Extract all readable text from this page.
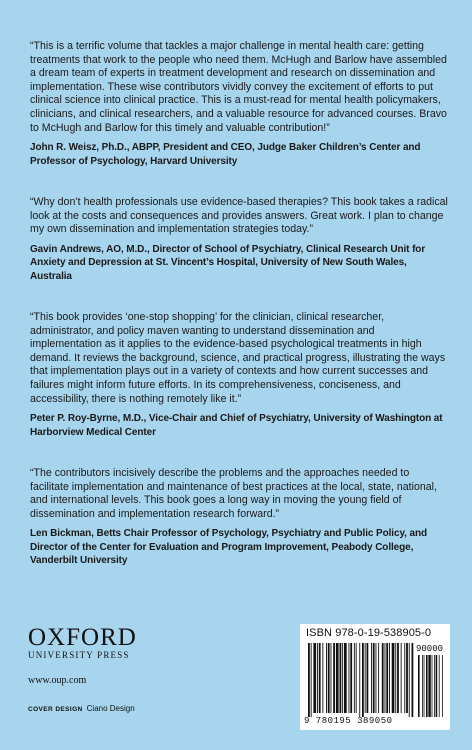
“This is a terrific volume that tackles a major challenge in mental health care: getting treatments that work to the people who need them. McHugh and Barlow have assembled a dream team of experts in treatment development and research on dissemination and implementation. These wise contributors vividly convey the excitement of efforts to put clinical science into clinical practice. This is a must-read for mental health policymakers, clinicians, and clinical researchers, and a valuable resource for advanced courses. Bravo to McHugh and Barlow for this timely and valuable contribution!”

John R. Weisz, Ph.D., ABPP, President and CEO, Judge Baker Children’s Center and Professor of Psychology, Harvard University

“Why don’t health professionals use evidence-based therapies? This book takes a radical look at the costs and consequences and provides answers. Great work. I plan to change my own dissemination and implementation strategies today.”

Gavin Andrews, AO, M.D., Director of School of Psychiatry, Clinical Research Unit for Anxiety and Depression at St. Vincent’s Hospital, University of New South Wales, Australia

“This book provides ‘one-stop shopping’ for the clinician, clinical researcher, administrator, and policy maven wanting to understand dissemination and implementation as it applies to the evidence-based psychological treatments in high demand. It reviews the background, science, and practical progress, illustrating the ways that implementation plays out in a variety of contexts and how current successes and failures might inform future efforts. In its comprehensiveness, conciseness, and accessibility, there is nothing remotely like it.”

Peter P. Roy-Byrne, M.D., Vice-Chair and Chief of Psychiatry, University of Washington at Harborview Medical Center

“The contributors incisively describe the problems and the approaches needed to facilitate implementation and maintenance of best practices at the local, state, national, and international levels. This book goes a long way in moving the young field of dissemination and implementation research forward.”

Len Bickman, Betts Chair Professor of Psychology, Psychiatry and Public Policy, and Director of the Center for Evaluation and Program Improvement, Peabody College, Vanderbilt University

OXFORD
UNIVERSITY PRESS
www.oup.com
COVER DESIGN Ciano Design
ISBN 978-0-19-538905-0
90000
9 780195 389050
